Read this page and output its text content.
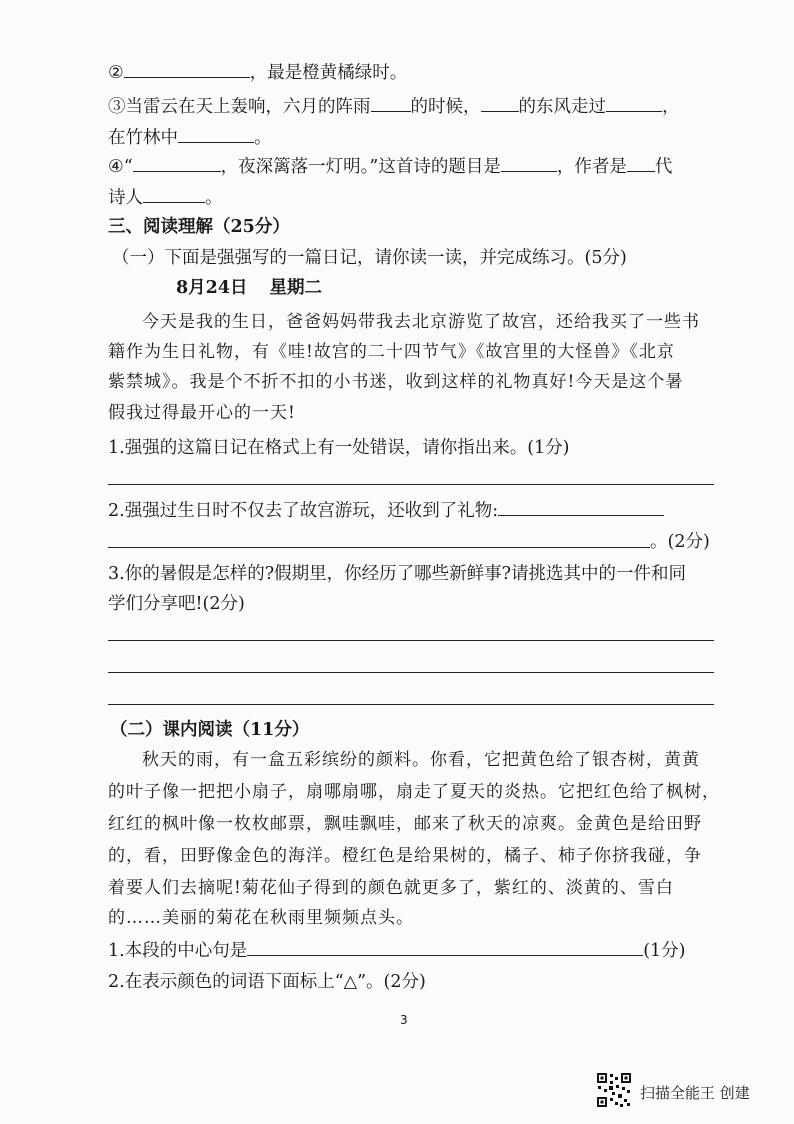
②	，最是橙黄橘绿时。
③当雷云在天上轰响，六月的阵雨 的时候， 的东风走过	，
在竹林中	。
④“	，夜深篱落一灯明。”这首诗的题目是	，作者是 代
诗人	。
三、阅读理解（25分）
（一）下面是强强写的一篇日记，请你读一读，并完成练习。(5分)
8月24日 星期二
今天是我的生日，爸爸妈妈带我去北京游览了故宫，还给我买了一些书
籍作为生日礼物，有《哇!故宫的二十四节气》《故宫里的大怪兽》《北京
紫禁城》。我是个不折不扣的小书迷，收到这样的礼物真好!今天是这个暑
假我过得最开心的一天!
1.强强的这篇日记在格式上有一处错误，请你指出来。(1分)
2.强强过生日时不仅去了故宫游玩，还收到了礼物:
。(2分)
3.你的暑假是怎样的?假期里，你经历了哪些新鲜事?请挑选其中的一件和同
学们分享吧!(2分)
（二）课内阅读（11分）
秋天的雨，有一盒五彩缤纷的颜料。你看，它把黄色给了银杏树，黄黄
的叶子像一把把小扇子，扇哪扇哪，扇走了夏天的炎热。它把红色给了枫树，
红红的枫叶像一枚枚邮票，飘哇飘哇，邮来了秋天的凉爽。金黄色是给田野
的，看，田野像金色的海洋。橙红色是给果树的，橘子、柿子你挤我碰，争
着要人们去摘呢!菊花仙子得到的颜色就更多了，紫红的、淡黄的、雪白
的……美丽的菊花在秋雨里频频点头。
1.本段的中心句是	(1分)
2.在表示颜色的词语下面标上“△”。(2分)
3
扫描全能王 创建
